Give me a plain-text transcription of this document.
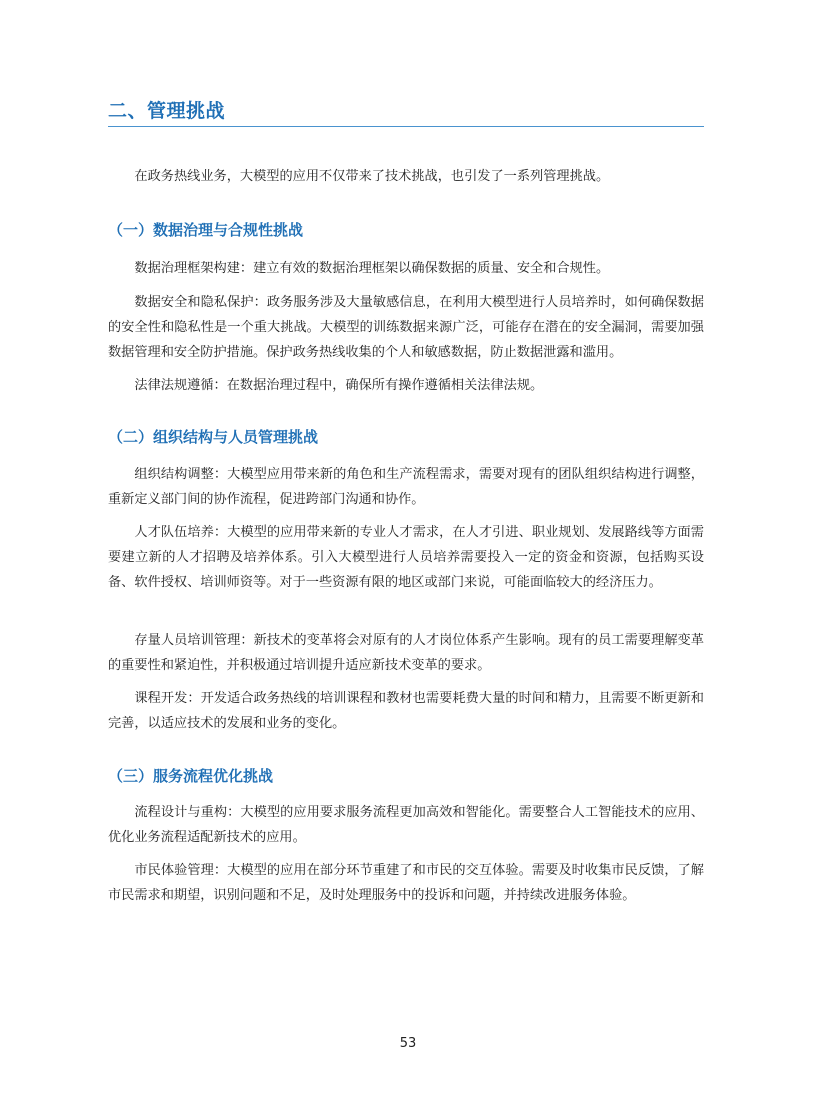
二、管理挑战

在政务热线业务，大模型的应用不仅带来了技术挑战，也引发了一系列管理挑战。

（一）数据治理与合规性挑战

数据治理框架构建：建立有效的数据治理框架以确保数据的质量、安全和合规性。

数据安全和隐私保护：政务服务涉及大量敏感信息，在利用大模型进行人员培养时，如何确保数据的安全性和隐私性是一个重大挑战。大模型的训练数据来源广泛，可能存在潜在的安全漏洞，需要加强数据管理和安全防护措施。保护政务热线收集的个人和敏感数据，防止数据泄露和滥用。

法律法规遵循：在数据治理过程中，确保所有操作遵循相关法律法规。

（二）组织结构与人员管理挑战

组织结构调整：大模型应用带来新的角色和生产流程需求，需要对现有的团队组织结构进行调整，重新定义部门间的协作流程，促进跨部门沟通和协作。

人才队伍培养：大模型的应用带来新的专业人才需求，在人才引进、职业规划、发展路线等方面需要建立新的人才招聘及培养体系。引入大模型进行人员培养需要投入一定的资金和资源，包括购买设备、软件授权、培训师资等。对于一些资源有限的地区或部门来说，可能面临较大的经济压力。

存量人员培训管理：新技术的变革将会对原有的人才岗位体系产生影响。现有的员工需要理解变革的重要性和紧迫性，并积极通过培训提升适应新技术变革的要求。

课程开发：开发适合政务热线的培训课程和教材也需要耗费大量的时间和精力，且需要不断更新和完善，以适应技术的发展和业务的变化。

（三）服务流程优化挑战

流程设计与重构：大模型的应用要求服务流程更加高效和智能化。需要整合人工智能技术的应用、优化业务流程适配新技术的应用。

市民体验管理：大模型的应用在部分环节重建了和市民的交互体验。需要及时收集市民反馈，了解市民需求和期望，识别问题和不足，及时处理服务中的投诉和问题，并持续改进服务体验。

53
